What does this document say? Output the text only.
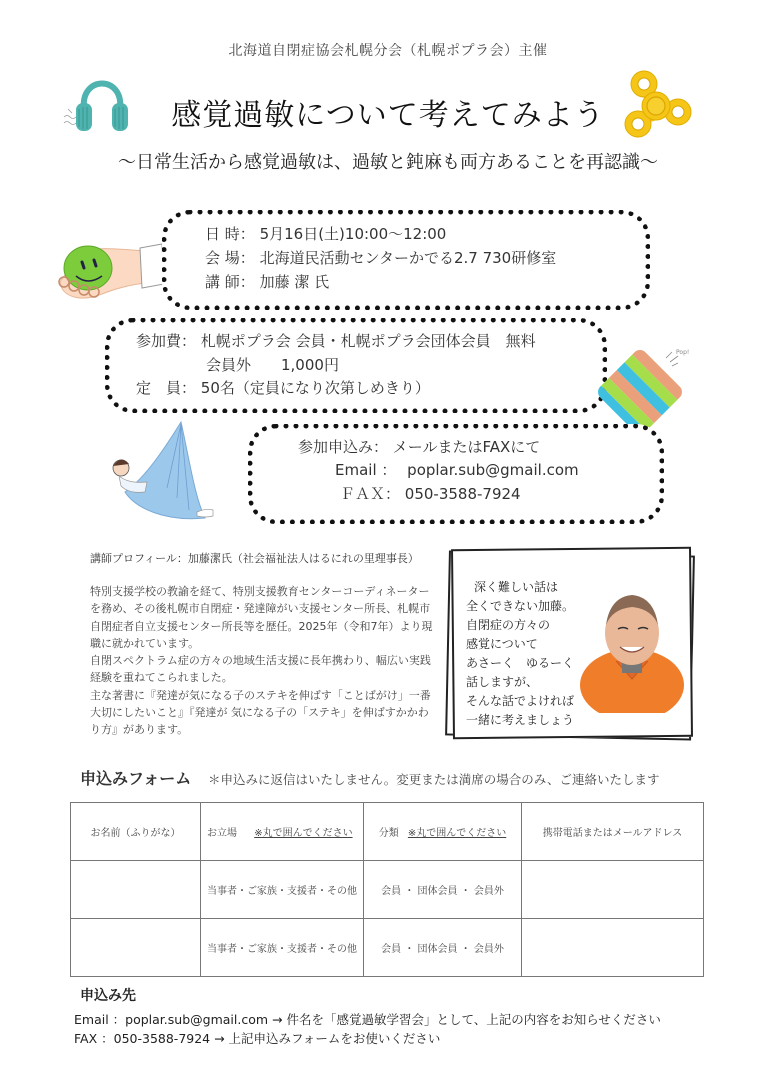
北海道自閉症協会札幌分会（札幌ポプラ会）主催
感覚過敏について考えてみよう
～日常生活から感覚過敏は、過敏と鈍麻も両方あることを再認識～
日 時： 5月16日(土)10:00～12:00
会 場： 北海道民活動センターかでる2.7 730研修室
講 師： 加藤 潔 氏
参加費： 札幌ポプラ会 会員・札幌ポプラ会団体会員　無料
会員外　　1,000円
定　員： 50名（定員になり次第しめきり）
Pop!
参加申込み： メールまたはFAXにて
Email ： poplar.sub@gmail.com
ＦＡＸ： 050-3588-7924
講師プロフィール：加藤潔氏（社会福祉法人はるにれの里理事長）

特別支援学校の教諭を経て、特別支援教育センターコーディネーターを務め、その後札幌市自閉症・発達障がい支援センター所長、札幌市自閉症者自立支援センター所長等を歴任。2025年（令和7年）より現職に就かれています。

自閉スペクトラム症の方々の地域生活支援に長年携わり、幅広い実践経験を重ねてこられました。

主な著書に『発達が気になる子のステキを伸ばす「ことばがけ」一番大切にしたいこと』『発達が 気になる子の「ステキ」を伸ばすかかわり方』があります。

深く難しい話は
全くできない加藤。
自閉症の方々の
感覚について
あさーく　ゆるーく
話しますが、
そんな話でよければ
一緒に考えましょう
申込みフォーム ＊申込みに返信はいたしません。変更または満席の場合のみ、ご連絡いたします
お名前（ふりがな）	お立場 ※丸で囲んでください	分類 ※丸で囲んでください	携帯電話またはメールアドレス
	当事者・ご家族・支援者・その他	会員 ・ 団体会員 ・ 会員外	
	当事者・ご家族・支援者・その他	会員 ・ 団体会員 ・ 会員外	
申込み先
Email ：poplar.sub@gmail.com → 件名を「感覚過敏学習会」として、上記の内容をお知らせください
FAX ：050-3588-7924 → 上記申込みフォームをお使いください
